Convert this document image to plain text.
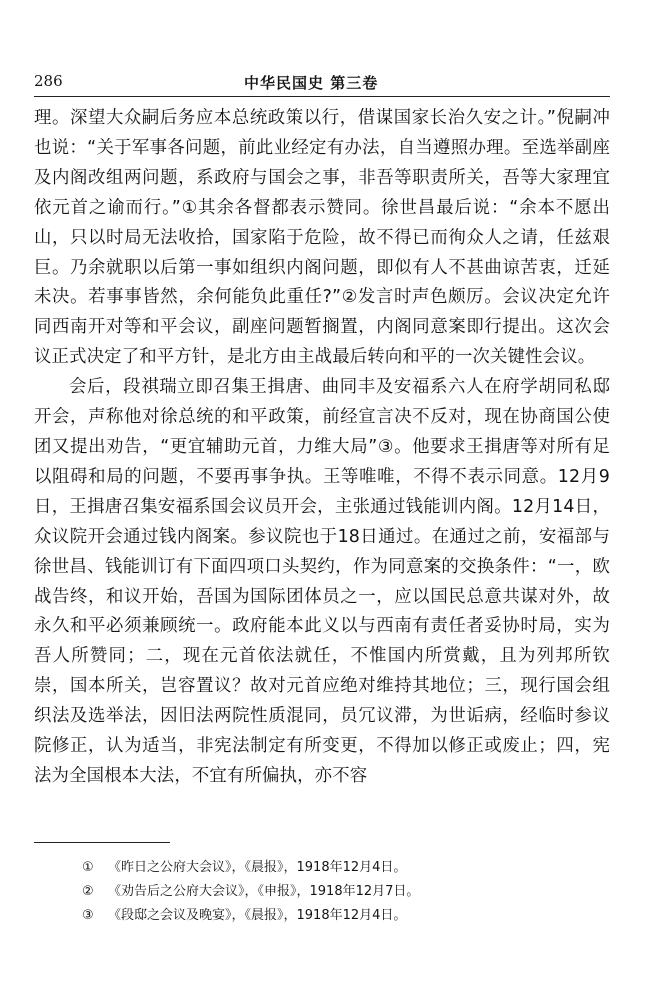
286	中华民国史 第三卷

理。深望大众嗣后务应本总统政策以行，借谋国家长治久安之计。”倪嗣冲也说：“关于军事各问题，前此业经定有办法，自当遵照办理。至选举副座及内阁改组两问题，系政府与国会之事，非吾等职责所关，吾等大家理宜依元首之谕而行。”①其余各督都表示赞同。徐世昌最后说：“余本不愿出山，只以时局无法收拾，国家陷于危险，故不得已而徇众人之请，任兹艰巨。乃余就职以后第一事如组织内阁问题，即似有人不甚曲谅苦衷，迁延未决。若事事皆然，余何能负此重任?”②发言时声色颇厉。会议决定允许同西南开对等和平会议，副座问题暂搁置，内阁同意案即行提出。这次会议正式决定了和平方针，是北方由主战最后转向和平的一次关键性会议。

会后，段祺瑞立即召集王揖唐、曲同丰及安福系六人在府学胡同私邸开会，声称他对徐总统的和平政策，前经宣言决不反对，现在协商国公使团又提出劝告，“更宜辅助元首，力维大局”③。他要求王揖唐等对所有足以阻碍和局的问题，不要再事争执。王等唯唯，不得不表示同意。12月9日，王揖唐召集安福系国会议员开会，主张通过钱能训内阁。12月14日，众议院开会通过钱内阁案。参议院也于18日通过。在通过之前，安福部与徐世昌、钱能训订有下面四项口头契约，作为同意案的交换条件：“一，欧战告终，和议开始，吾国为国际团体员之一，应以国民总意共谋对外，故永久和平必须兼顾统一。政府能本此义以与西南有责任者妥协时局，实为吾人所赞同；二，现在元首依法就任，不惟国内所赏戴，且为列邦所钦崇，国本所关，岂容置议？故对元首应绝对维持其地位；三，现行国会组织法及选举法，因旧法两院性质混同，员冗议滞，为世诟病，经临时参议院修正，认为适当，非宪法制定有所变更，不得加以修正或废止；四，宪法为全国根本大法，不宜有所偏执，亦不容

① 《昨日之公府大会议》，《晨报》，1918年12月4日。
② 《劝告后之公府大会议》，《申报》，1918年12月7日。
③ 《段邸之会议及晚宴》，《晨报》，1918年12月4日。
